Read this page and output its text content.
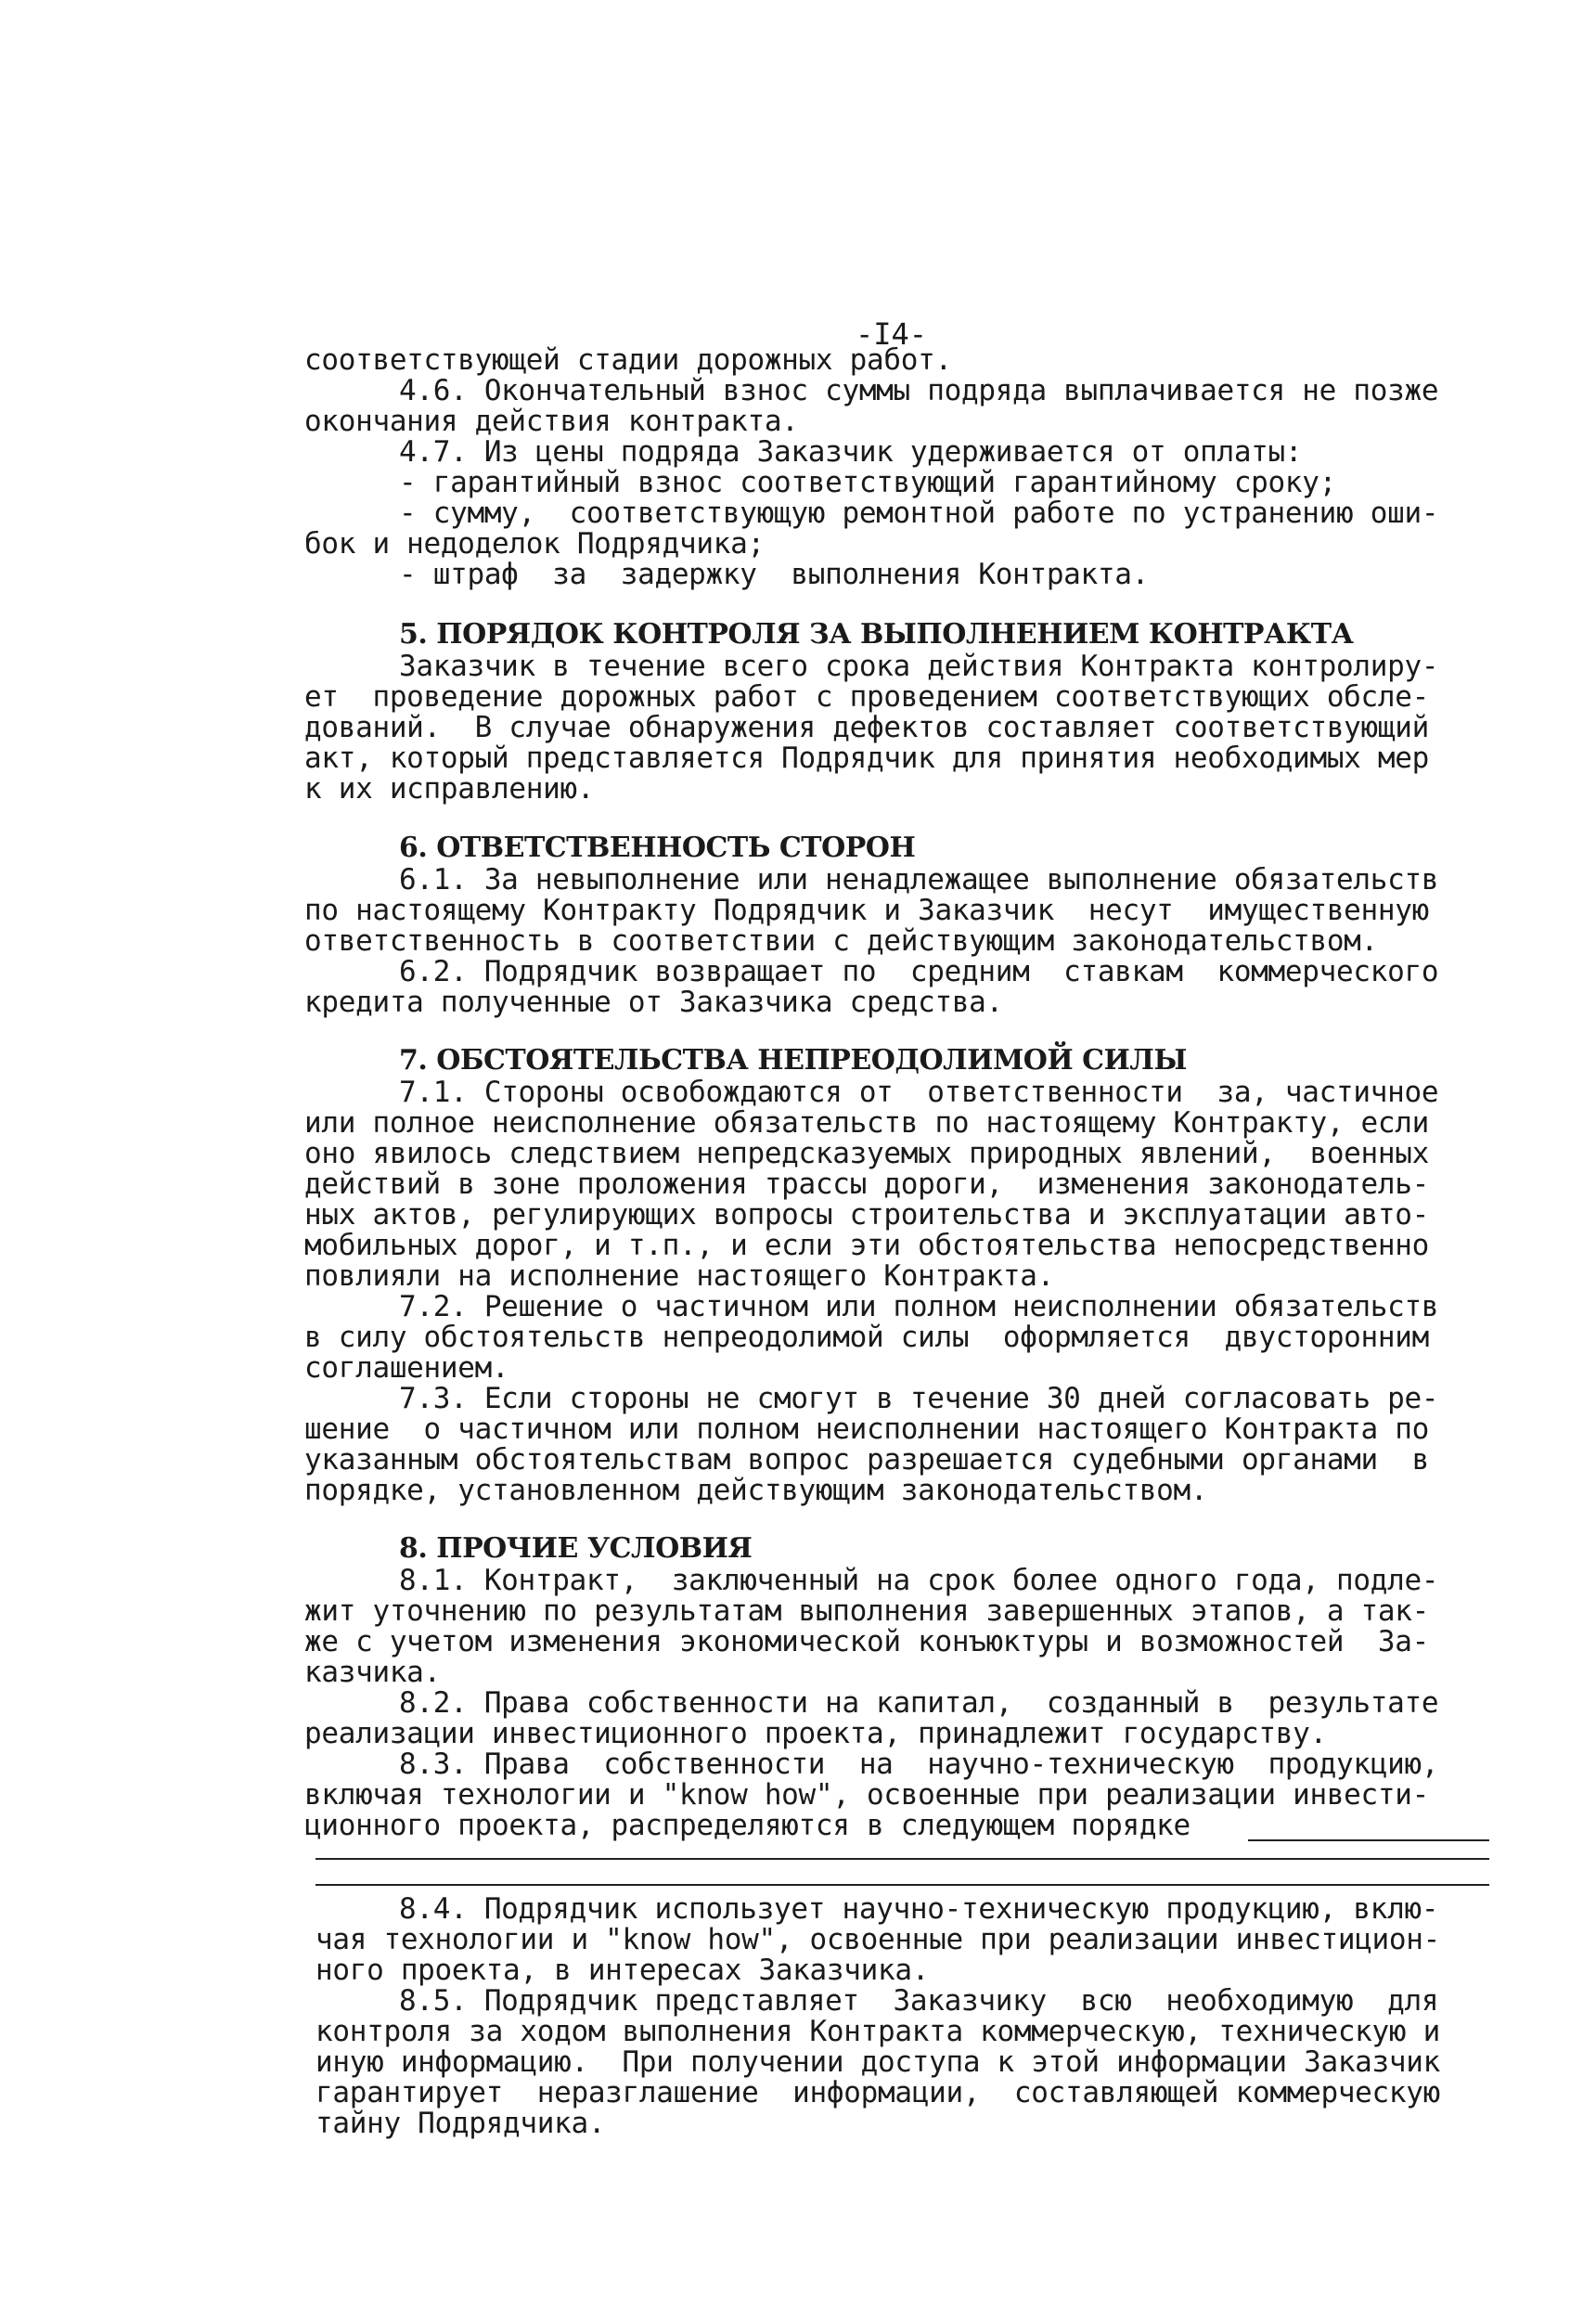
-I4-
соответствующей стадии дорожных работ.
4.6. Окончательный взнос суммы подряда выплачивается не позже
окончания действия контракта.
4.7. Из цены подряда Заказчик удерживается от оплаты:
- гарантийный взнос соответствующий гарантийному сроку;
- сумму,  соответствующую ремонтной работе по устранению оши-
бок и недоделок Подрядчика;
- штраф  за  задержку  выполнения Контракта.
5. ПОРЯДОК КОНТРОЛЯ ЗА ВЫПОЛНЕНИЕМ КОНТРАКТА
Заказчик в течение всего срока действия Контракта контролиру-
ет  проведение дорожных работ с проведением соответствующих обсле-
дований.  В случае обнаружения дефектов составляет соответствующий
акт, который представляется Подрядчик для принятия необходимых мер
к их исправлению.
6. ОТВЕТСТВЕННОСТЬ СТОРОН
6.1. За невыполнение или ненадлежащее выполнение обязательств
по настоящему Контракту Подрядчик и Заказчик  несут  имущественную
ответственность в соответствии с действующим законодательством.
6.2. Подрядчик возвращает по  средним  ставкам  коммерческого
кредита полученные от Заказчика средства.
7. ОБСТОЯТЕЛЬСТВА НЕПРЕОДОЛИМОЙ СИЛЫ
7.1. Стороны освобождаются от  ответственности  за, частичное
или полное неисполнение обязательств по настоящему Контракту, если
оно явилось следствием непредсказуемых природных явлений,  военных
действий в зоне проложения трассы дороги,  изменения законодатель-
ных актов, регулирующих вопросы строительства и эксплуатации авто-
мобильных дорог, и т.п., и если эти обстоятельства непосредственно
повлияли на исполнение настоящего Контракта.
7.2. Решение о частичном или полном неисполнении обязательств
в силу обстоятельств непреодолимой силы  оформляется  двусторонним
соглашением.
7.3. Если стороны не смогут в течение 30 дней согласовать ре-
шение  о частичном или полном неисполнении настоящего Контракта по
указанным обстоятельствам вопрос разрешается судебными органами  в
порядке, установленном действующим законодательством.
8. ПРОЧИЕ УСЛОВИЯ
8.1. Контракт,  заключенный на срок более одного года, подле-
жит уточнению по результатам выполнения завершенных этапов, а так-
же с учетом изменения экономической конъюктуры и возможностей  За-
казчика.
8.2. Права собственности на капитал,  созданный в  результате
реализации инвестиционного проекта, принадлежит государству.
8.3. Права  собственности  на  научно-техническую  продукцию,
включая технологии и "know how", освоенные при реализации инвести-
ционного проекта, распределяются в следующем порядке
8.4. Подрядчик использует научно-техническую продукцию, вклю-
чая технологии и "know how", освоенные при реализации инвестицион-
ного проекта, в интересах Заказчика.
8.5. Подрядчик представляет  Заказчику  всю  необходимую  для
контроля за ходом выполнения Контракта коммерческую, техническую и
иную информацию.  При получении доступа к этой информации Заказчик
гарантирует  неразглашение  информации,  составляющей коммерческую
тайну Подрядчика.
